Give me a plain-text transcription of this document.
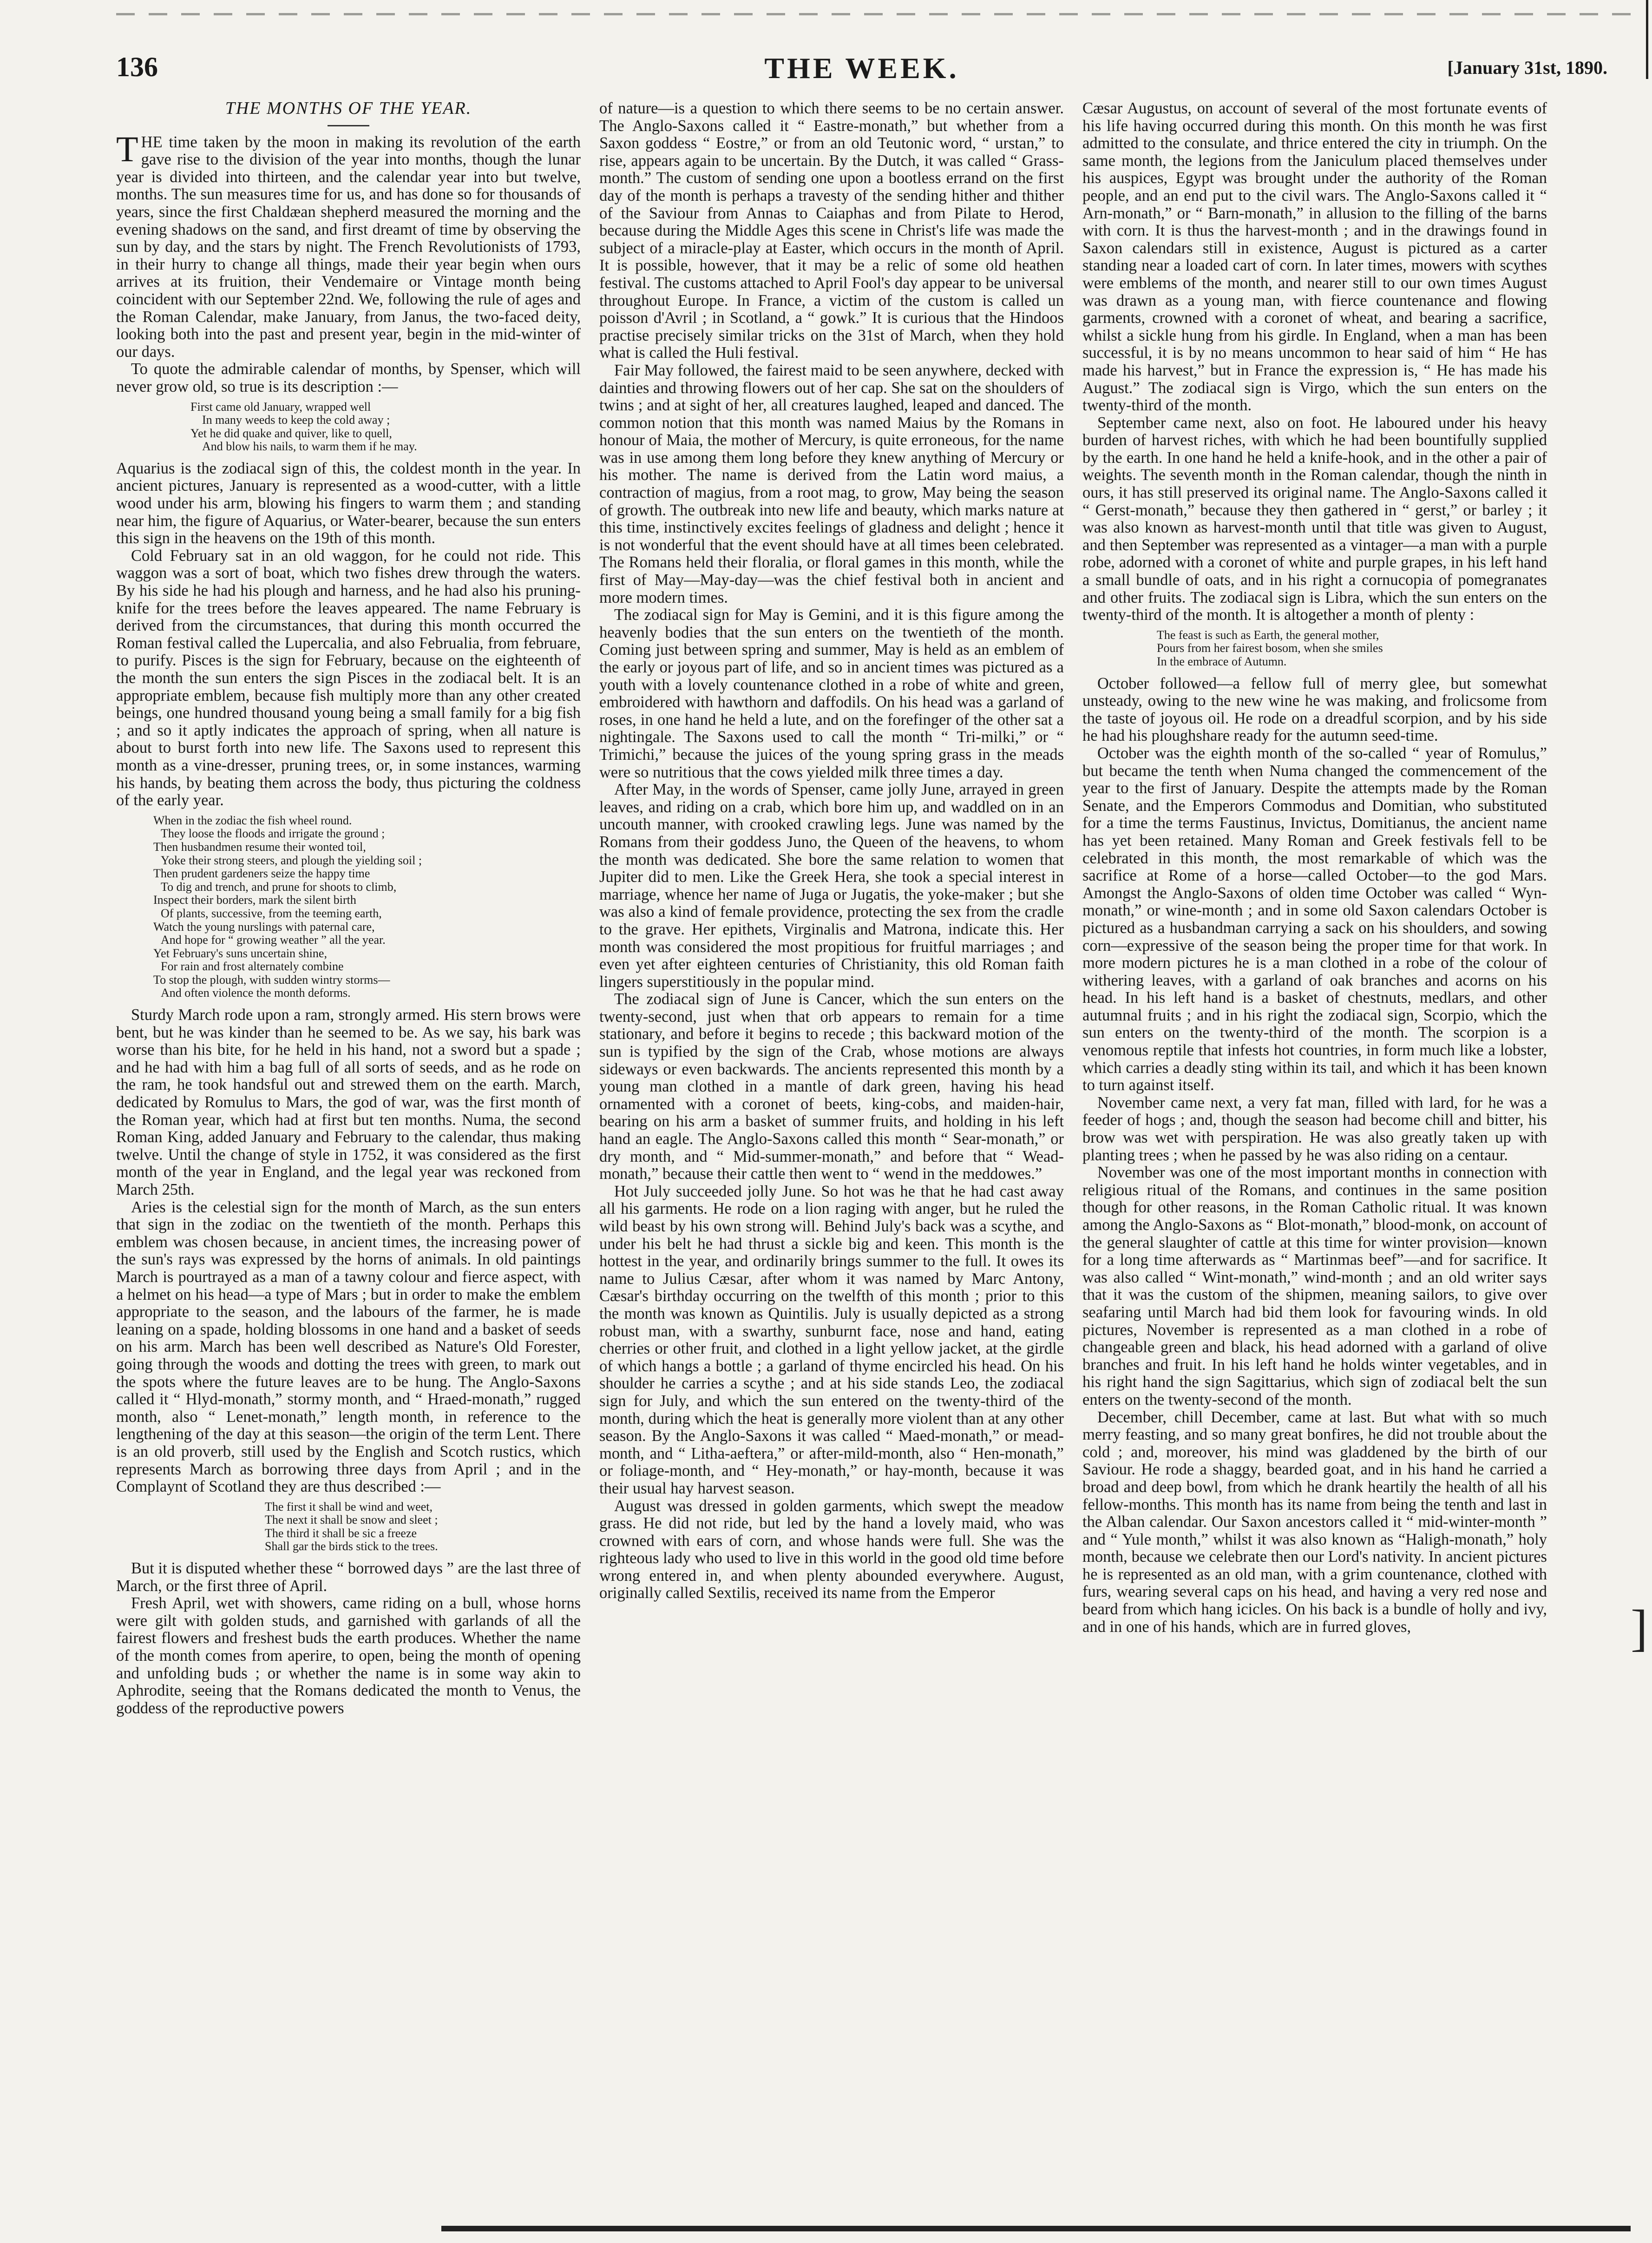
136	THE WEEK.	[January 31st, 1890.
THE MONTHS OF THE YEAR.

THE time taken by the moon in making its revolution of the earth gave rise to the division of the year into months, though the lunar year is divided into thirteen, and the calendar year into but twelve, months. The sun measures time for us, and has done so for thousands of years, since the first Chaldæan shepherd measured the morning and the evening shadows on the sand, and first dreamt of time by observing the sun by day, and the stars by night. The French Revolutionists of 1793, in their hurry to change all things, made their year begin when ours arrives at its fruition, their Vendemaire or Vintage month being coincident with our September 22nd. We, following the rule of ages and the Roman Calendar, make January, from Janus, the two-faced deity, looking both into the past and present year, begin in the mid-winter of our days.

To quote the admirable calendar of months, by Spenser, which will never grow old, so true is its description :—

First came old January, wrapped well
In many weeds to keep the cold away ;
Yet he did quake and quiver, like to quell,
And blow his nails, to warm them if he may.

Aquarius is the zodiacal sign of this, the coldest month in the year. In ancient pictures, January is represented as a wood-cutter, with a little wood under his arm, blowing his fingers to warm them ; and standing near him, the figure of Aquarius, or Water-bearer, because the sun enters this sign in the heavens on the 19th of this month.

Cold February sat in an old waggon, for he could not ride. This waggon was a sort of boat, which two fishes drew through the waters. By his side he had his plough and harness, and he had also his pruning-knife for the trees before the leaves appeared. The name February is derived from the circumstances, that during this month occurred the Roman festival called the Lupercalia, and also Februalia, from februare, to purify. Pisces is the sign for February, because on the eighteenth of the month the sun enters the sign Pisces in the zodiacal belt. It is an appropriate emblem, because fish multiply more than any other created beings, one hundred thousand young being a small family for a big fish ; and so it aptly indicates the approach of spring, when all nature is about to burst forth into new life. The Saxons used to represent this month as a vine-dresser, pruning trees, or, in some instances, warming his hands, by beating them across the body, thus picturing the coldness of the early year.

When in the zodiac the fish wheel round.
They loose the floods and irrigate the ground ;
Then husbandmen resume their wonted toil,
Yoke their strong steers, and plough the yielding soil ;
Then prudent gardeners seize the happy time
To dig and trench, and prune for shoots to climb,
Inspect their borders, mark the silent birth
Of plants, successive, from the teeming earth,
Watch the young nurslings with paternal care,
And hope for “ growing weather ” all the year.
Yet February's suns uncertain shine,
For rain and frost alternately combine
To stop the plough, with sudden wintry storms—
And often violence the month deforms.

Sturdy March rode upon a ram, strongly armed. His stern brows were bent, but he was kinder than he seemed to be. As we say, his bark was worse than his bite, for he held in his hand, not a sword but a spade ; and he had with him a bag full of all sorts of seeds, and as he rode on the ram, he took handsful out and strewed them on the earth. March, dedicated by Romulus to Mars, the god of war, was the first month of the Roman year, which had at first but ten months. Numa, the second Roman King, added January and February to the calendar, thus making twelve. Until the change of style in 1752, it was considered as the first month of the year in England, and the legal year was reckoned from March 25th.

Aries is the celestial sign for the month of March, as the sun enters that sign in the zodiac on the twentieth of the month. Perhaps this emblem was chosen because, in ancient times, the increasing power of the sun's rays was expressed by the horns of animals. In old paintings March is pourtrayed as a man of a tawny colour and fierce aspect, with a helmet on his head—a type of Mars ; but in order to make the emblem appropriate to the season, and the labours of the farmer, he is made leaning on a spade, holding blossoms in one hand and a basket of seeds on his arm. March has been well described as Nature's Old Forester, going through the woods and dotting the trees with green, to mark out the spots where the future leaves are to be hung. The Anglo-Saxons called it “ Hlyd-monath,” stormy month, and “ Hraed-monath,” rugged month, also “ Lenet-monath,” length month, in reference to the lengthening of the day at this season—the origin of the term Lent. There is an old proverb, still used by the English and Scotch rustics, which represents March as borrowing three days from April ; and in the Complaynt of Scotland they are thus described :—

The first it shall be wind and weet,
The next it shall be snow and sleet ;
The third it shall be sic a freeze
Shall gar the birds stick to the trees.

But it is disputed whether these “ borrowed days ” are the last three of March, or the first three of April.

Fresh April, wet with showers, came riding on a bull, whose horns were gilt with golden studs, and garnished with garlands of all the fairest flowers and freshest buds the earth produces. Whether the name of the month comes from aperire, to open, being the month of opening and unfolding buds ; or whether the name is in some way akin to Aphrodite, seeing that the Romans dedicated the month to Venus, the goddess of the reproductive powers

of nature—is a question to which there seems to be no certain answer. The Anglo-Saxons called it “ Eastre-monath,” but whether from a Saxon goddess “ Eostre,” or from an old Teutonic word, “ urstan,” to rise, appears again to be uncertain. By the Dutch, it was called “ Grass-month.” The custom of sending one upon a bootless errand on the first day of the month is perhaps a travesty of the sending hither and thither of the Saviour from Annas to Caiaphas and from Pilate to Herod, because during the Middle Ages this scene in Christ's life was made the subject of a miracle-play at Easter, which occurs in the month of April. It is possible, however, that it may be a relic of some old heathen festival. The customs attached to April Fool's day appear to be universal throughout Europe. In France, a victim of the custom is called un poisson d'Avril ; in Scotland, a “ gowk.” It is curious that the Hindoos practise precisely similar tricks on the 31st of March, when they hold what is called the Huli festival.

Fair May followed, the fairest maid to be seen anywhere, decked with dainties and throwing flowers out of her cap. She sat on the shoulders of twins ; and at sight of her, all creatures laughed, leaped and danced. The common notion that this month was named Maius by the Romans in honour of Maia, the mother of Mercury, is quite erroneous, for the name was in use among them long before they knew anything of Mercury or his mother. The name is derived from the Latin word maius, a contraction of magius, from a root mag, to grow, May being the season of growth. The outbreak into new life and beauty, which marks nature at this time, instinctively excites feelings of gladness and delight ; hence it is not wonderful that the event should have at all times been celebrated. The Romans held their floralia, or floral games in this month, while the first of May—May-day—was the chief festival both in ancient and more modern times.

The zodiacal sign for May is Gemini, and it is this figure among the heavenly bodies that the sun enters on the twentieth of the month. Coming just between spring and summer, May is held as an emblem of the early or joyous part of life, and so in ancient times was pictured as a youth with a lovely countenance clothed in a robe of white and green, embroidered with hawthorn and daffodils. On his head was a garland of roses, in one hand he held a lute, and on the forefinger of the other sat a nightingale. The Saxons used to call the month “ Tri-milki,” or “ Trimichi,” because the juices of the young spring grass in the meads were so nutritious that the cows yielded milk three times a day.

After May, in the words of Spenser, came jolly June, arrayed in green leaves, and riding on a crab, which bore him up, and waddled on in an uncouth manner, with crooked crawling legs. June was named by the Romans from their goddess Juno, the Queen of the heavens, to whom the month was dedicated. She bore the same relation to women that Jupiter did to men. Like the Greek Hera, she took a special interest in marriage, whence her name of Juga or Jugatis, the yoke-maker ; but she was also a kind of female providence, protecting the sex from the cradle to the grave. Her epithets, Virginalis and Matrona, indicate this. Her month was considered the most propitious for fruitful marriages ; and even yet after eighteen centuries of Christianity, this old Roman faith lingers superstitiously in the popular mind.

The zodiacal sign of June is Cancer, which the sun enters on the twenty-second, just when that orb appears to remain for a time stationary, and before it begins to recede ; this backward motion of the sun is typified by the sign of the Crab, whose motions are always sideways or even backwards. The ancients represented this month by a young man clothed in a mantle of dark green, having his head ornamented with a coronet of beets, king-cobs, and maiden-hair, bearing on his arm a basket of summer fruits, and holding in his left hand an eagle. The Anglo-Saxons called this month “ Sear-monath,” or dry month, and “ Mid-summer-monath,” and before that “ Wead-monath,” because their cattle then went to “ wend in the meddowes.”

Hot July succeeded jolly June. So hot was he that he had cast away all his garments. He rode on a lion raging with anger, but he ruled the wild beast by his own strong will. Behind July's back was a scythe, and under his belt he had thrust a sickle big and keen. This month is the hottest in the year, and ordinarily brings summer to the full. It owes its name to Julius Cæsar, after whom it was named by Marc Antony, Cæsar's birthday occurring on the twelfth of this month ; prior to this the month was known as Quintilis. July is usually depicted as a strong robust man, with a swarthy, sunburnt face, nose and hand, eating cherries or other fruit, and clothed in a light yellow jacket, at the girdle of which hangs a bottle ; a garland of thyme encircled his head. On his shoulder he carries a scythe ; and at his side stands Leo, the zodiacal sign for July, and which the sun entered on the twenty-third of the month, during which the heat is generally more violent than at any other season. By the Anglo-Saxons it was called “ Maed-monath,” or mead-month, and “ Litha-aeftera,” or after-mild-month, also “ Hen-monath,” or foliage-month, and “ Hey-monath,” or hay-month, because it was their usual hay harvest season.

August was dressed in golden garments, which swept the meadow grass. He did not ride, but led by the hand a lovely maid, who was crowned with ears of corn, and whose hands were full. She was the righteous lady who used to live in this world in the good old time before wrong entered in, and when plenty abounded everywhere. August, originally called Sextilis, received its name from the Emperor

Cæsar Augustus, on account of several of the most fortunate events of his life having occurred during this month. On this month he was first admitted to the consulate, and thrice entered the city in triumph. On the same month, the legions from the Janiculum placed themselves under his auspices, Egypt was brought under the authority of the Roman people, and an end put to the civil wars. The Anglo-Saxons called it “ Arn-monath,” or “ Barn-monath,” in allusion to the filling of the barns with corn. It is thus the harvest-month ; and in the drawings found in Saxon calendars still in existence, August is pictured as a carter standing near a loaded cart of corn. In later times, mowers with scythes were emblems of the month, and nearer still to our own times August was drawn as a young man, with fierce countenance and flowing garments, crowned with a coronet of wheat, and bearing a sacrifice, whilst a sickle hung from his girdle. In England, when a man has been successful, it is by no means uncommon to hear said of him “ He has made his harvest,” but in France the expression is, “ He has made his August.” The zodiacal sign is Virgo, which the sun enters on the twenty-third of the month.

September came next, also on foot. He laboured under his heavy burden of harvest riches, with which he had been bountifully supplied by the earth. In one hand he held a knife-hook, and in the other a pair of weights. The seventh month in the Roman calendar, though the ninth in ours, it has still preserved its original name. The Anglo-Saxons called it “ Gerst-monath,” because they then gathered in “ gerst,” or barley ; it was also known as harvest-month until that title was given to August, and then September was represented as a vintager—a man with a purple robe, adorned with a coronet of white and purple grapes, in his left hand a small bundle of oats, and in his right a cornucopia of pomegranates and other fruits. The zodiacal sign is Libra, which the sun enters on the twenty-third of the month. It is altogether a month of plenty :

The feast is such as Earth, the general mother,
Pours from her fairest bosom, when she smiles
In the embrace of Autumn.

October followed—a fellow full of merry glee, but somewhat unsteady, owing to the new wine he was making, and frolicsome from the taste of joyous oil. He rode on a dreadful scorpion, and by his side he had his ploughshare ready for the autumn seed-time.

October was the eighth month of the so-called “ year of Romulus,” but became the tenth when Numa changed the commencement of the year to the first of January. Despite the attempts made by the Roman Senate, and the Emperors Commodus and Domitian, who substituted for a time the terms Faustinus, Invictus, Domitianus, the ancient name has yet been retained. Many Roman and Greek festivals fell to be celebrated in this month, the most remarkable of which was the sacrifice at Rome of a horse—called October—to the god Mars. Amongst the Anglo-Saxons of olden time October was called “ Wyn-monath,” or wine-month ; and in some old Saxon calendars October is pictured as a husbandman carrying a sack on his shoulders, and sowing corn—expressive of the season being the proper time for that work. In more modern pictures he is a man clothed in a robe of the colour of withering leaves, with a garland of oak branches and acorns on his head. In his left hand is a basket of chestnuts, medlars, and other autumnal fruits ; and in his right the zodiacal sign, Scorpio, which the sun enters on the twenty-third of the month. The scorpion is a venomous reptile that infests hot countries, in form much like a lobster, which carries a deadly sting within its tail, and which it has been known to turn against itself.

November came next, a very fat man, filled with lard, for he was a feeder of hogs ; and, though the season had become chill and bitter, his brow was wet with perspiration. He was also greatly taken up with planting trees ; when he passed by he was also riding on a centaur.

November was one of the most important months in connection with religious ritual of the Romans, and continues in the same position though for other reasons, in the Roman Catholic ritual. It was known among the Anglo-Saxons as “ Blot-monath,” blood-monk, on account of the general slaughter of cattle at this time for winter provision—known for a long time afterwards as “ Martinmas beef”—and for sacrifice. It was also called “ Wint-monath,” wind-month ; and an old writer says that it was the custom of the shipmen, meaning sailors, to give over seafaring until March had bid them look for favouring winds. In old pictures, November is represented as a man clothed in a robe of changeable green and black, his head adorned with a garland of olive branches and fruit. In his left hand he holds winter vegetables, and in his right hand the sign Sagittarius, which sign of zodiacal belt the sun enters on the twenty-second of the month.

December, chill December, came at last. But what with so much merry feasting, and so many great bonfires, he did not trouble about the cold ; and, moreover, his mind was gladdened by the birth of our Saviour. He rode a shaggy, bearded goat, and in his hand he carried a broad and deep bowl, from which he drank heartily the health of all his fellow-months. This month has its name from being the tenth and last in the Alban calendar. Our Saxon ancestors called it “ mid-winter-month ” and “ Yule month,” whilst it was also known as “Haligh-monath,” holy month, because we celebrate then our Lord's nativity. In ancient pictures he is represented as an old man, with a grim countenance, clothed with furs, wearing several caps on his head, and having a very red nose and beard from which hang icicles. On his back is a bundle of holly and ivy, and in one of his hands, which are in furred gloves,	]
